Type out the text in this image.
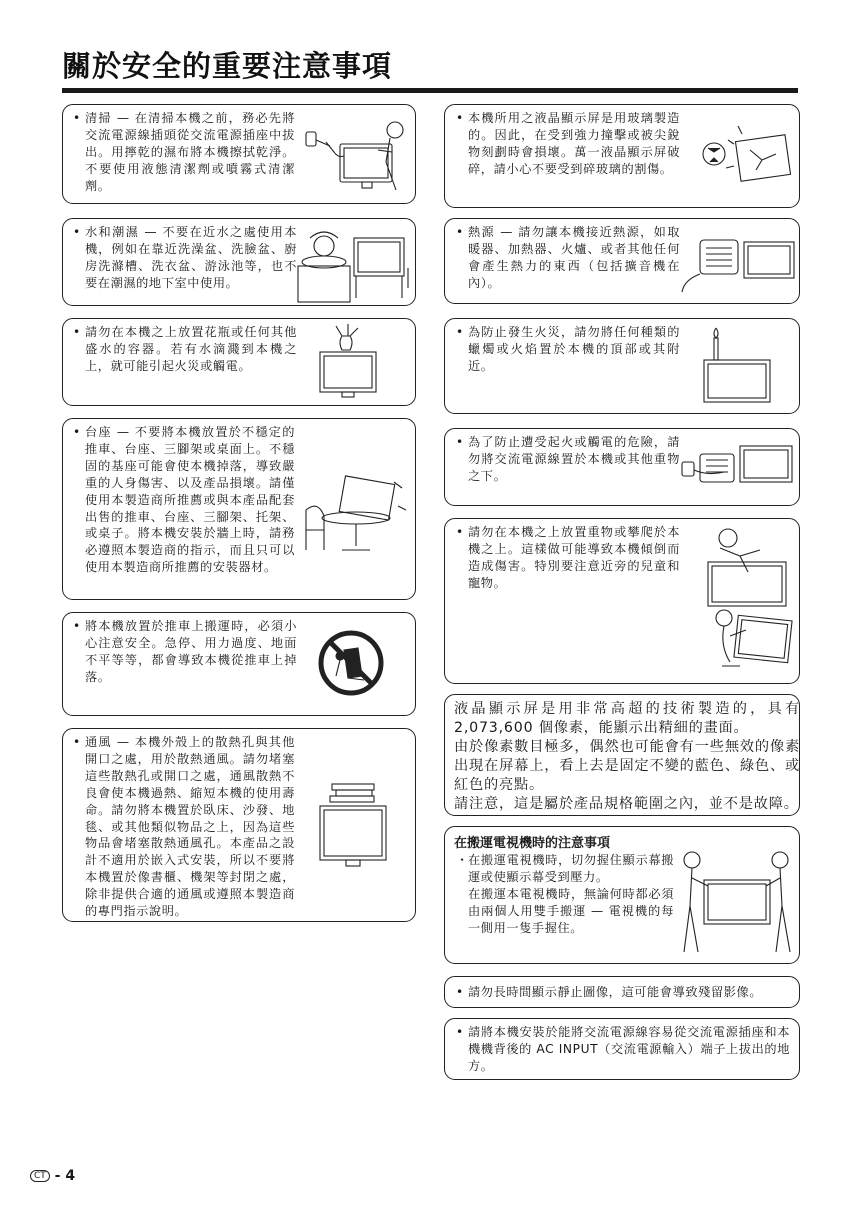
關於安全的重要注意事項
• 清掃 — 在清掃本機之前，務必先將交流電源線插頭從交流電源插座中拔出。用擰乾的濕布將本機擦拭乾淨。不要使用液態清潔劑或噴霧式清潔劑。
• 水和潮濕 — 不要在近水之處使用本機，例如在靠近洗澡盆、洗臉盆、廚房洗滌槽、洗衣盆、游泳池等，也不要在潮濕的地下室中使用。
• 請勿在本機之上放置花瓶或任何其他盛水的容器。若有水滴濺到本機之上，就可能引起火災或觸電。
• 台座 — 不要將本機放置於不穩定的推車、台座、三腳架或桌面上。不穩固的基座可能會使本機掉落，導致嚴重的人身傷害、以及產品損壞。請僅使用本製造商所推薦或與本產品配套出售的推車、台座、三腳架、托架、或桌子。將本機安裝於牆上時，請務必遵照本製造商的指示，而且只可以使用本製造商所推薦的安裝器材。
• 將本機放置於推車上搬運時，必須小心注意安全。急停、用力過度、地面不平等等，都會導致本機從推車上掉落。
• 通風 — 本機外殼上的散熱孔與其他開口之處，用於散熱通風。請勿堵塞這些散熱孔或開口之處，通風散熱不良會使本機過熱、縮短本機的使用壽命。請勿將本機置於臥床、沙發、地毯、或其他類似物品之上，因為這些物品會堵塞散熱通風孔。本產品之設計不適用於嵌入式安裝，所以不要將本機置於像書櫃、機架等封閉之處，除非提供合適的通風或遵照本製造商的專門指示說明。
• 本機所用之液晶顯示屏是用玻璃製造的。因此，在受到強力撞擊或被尖銳物刻劃時會損壞。萬一液晶顯示屏破碎，請小心不要受到碎玻璃的割傷。
• 熱源 — 請勿讓本機接近熱源，如取暖器、加熱器、火爐、或者其他任何會產生熱力的東西（包括擴音機在內）。
• 為防止發生火災，請勿將任何種類的蠟燭或火焰置於本機的頂部或其附近。
• 為了防止遭受起火或觸電的危險，請勿將交流電源線置於本機或其他重物之下。
• 請勿在本機之上放置重物或攀爬於本機之上。這樣做可能導致本機傾倒而造成傷害。特別要注意近旁的兒童和寵物。

液晶顯示屏是用非常高超的技術製造的，具有2,073,600 個像素，能顯示出精細的畫面。

由於像素數目極多，偶然也可能會有一些無效的像素出現在屏幕上，看上去是固定不變的藍色、綠色、或紅色的亮點。

請注意，這是屬於產品規格範圍之內，並不是故障。

在搬運電視機時的注意事項
・ 在搬運電視機時，切勿握住顯示幕搬運或使顯示幕受到壓力。
在搬運本電視機時，無論何時都必須由兩個人用雙手搬運 — 電視機的每一側用一隻手握住。
• 請勿長時間顯示靜止圖像，這可能會導致殘留影像。
• 請將本機安裝於能將交流電源線容易從交流電源插座和本機機背後的 AC INPUT（交流電源輸入）端子上拔出的地方。
CT - 4
